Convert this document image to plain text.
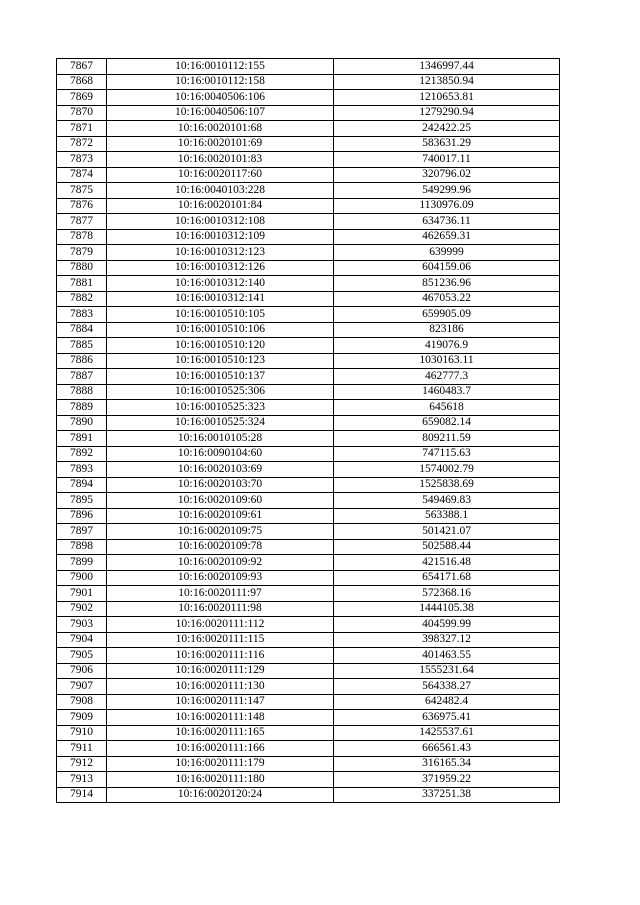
7867	10:16:0010112:155	1346997.44
7868	10:16:0010112:158	1213850.94
7869	10:16:0040506:106	1210653.81
7870	10:16:0040506:107	1279290.94
7871	10:16:0020101:68	242422.25
7872	10:16:0020101:69	583631.29
7873	10:16:0020101:83	740017.11
7874	10:16:0020117:60	320796.02
7875	10:16:0040103:228	549299.96
7876	10:16:0020101:84	1130976.09
7877	10:16:0010312:108	634736.11
7878	10:16:0010312:109	462659.31
7879	10:16:0010312:123	639999
7880	10:16:0010312:126	604159.06
7881	10:16:0010312:140	851236.96
7882	10:16:0010312:141	467053.22
7883	10:16:0010510:105	659905.09
7884	10:16:0010510:106	823186
7885	10:16:0010510:120	419076.9
7886	10:16:0010510:123	1030163.11
7887	10:16:0010510:137	462777.3
7888	10:16:0010525:306	1460483.7
7889	10:16:0010525:323	645618
7890	10:16:0010525:324	659082.14
7891	10:16:0010105:28	809211.59
7892	10:16:0090104:60	747115.63
7893	10:16:0020103:69	1574002.79
7894	10:16:0020103:70	1525838.69
7895	10:16:0020109:60	549469.83
7896	10:16:0020109:61	563388.1
7897	10:16:0020109:75	501421.07
7898	10:16:0020109:78	502588.44
7899	10:16:0020109:92	421516.48
7900	10:16:0020109:93	654171.68
7901	10:16:0020111:97	572368.16
7902	10:16:0020111:98	1444105.38
7903	10:16:0020111:112	404599.99
7904	10:16:0020111:115	398327.12
7905	10:16:0020111:116	401463.55
7906	10:16:0020111:129	1555231.64
7907	10:16:0020111:130	564338.27
7908	10:16:0020111:147	642482.4
7909	10:16:0020111:148	636975.41
7910	10:16:0020111:165	1425537.61
7911	10:16:0020111:166	666561.43
7912	10:16:0020111:179	316165.34
7913	10:16:0020111:180	371959.22
7914	10:16:0020120:24	337251.38
